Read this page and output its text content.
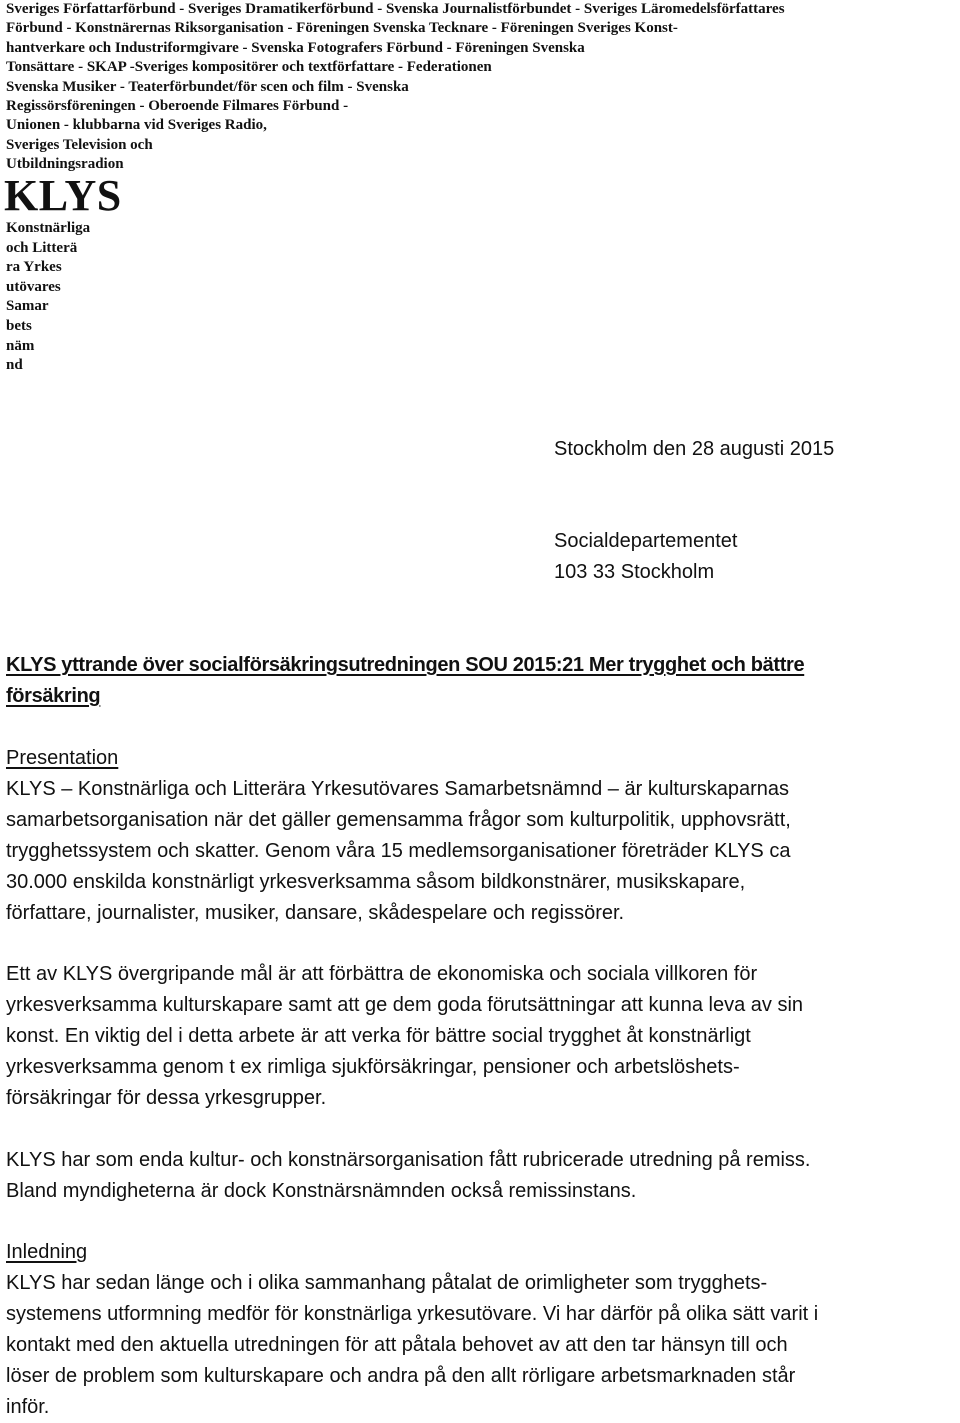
Sveriges Författarförbund - Sveriges Dramatikerförbund - Svenska Journalistförbundet - Sveriges Läromedelsförfattares
Förbund - Konstnärernas Riksorganisation - Föreningen Svenska Tecknare - Föreningen Sveriges Konst-
hantverkare och Industriformgivare - Svenska Fotografers Förbund - Föreningen Svenska
Tonsättare - SKAP -Sveriges kompositörer och textförfattare - Federationen
Svenska Musiker - Teaterförbundet/för scen och film - Svenska
Regissörsföreningen - Oberoende Filmares Förbund -
Unionen - klubbarna vid Sveriges Radio,
Sveriges Television och
Utbildningsradion
KLYS
Konstnärliga
och Litterä
ra Yrkes
utövares
Samar
bets
näm
nd
Stockholm den 28 augusti 2015
Socialdepartementet
103 33 Stockholm
KLYS yttrande över socialförsäkringsutredningen SOU 2015:21 Mer trygghet och bättre
försäkring
Presentation
KLYS – Konstnärliga och Litterära Yrkesutövares Samarbetsnämnd – är kulturskaparnas
samarbetsorganisation när det gäller gemensamma frågor som kulturpolitik, upphovsrätt,
trygghetssystem och skatter. Genom våra 15 medlemsorganisationer företräder KLYS ca
30.000 enskilda konstnärligt yrkesverksamma såsom bildkonstnärer, musikskapare,
författare, journalister, musiker, dansare, skådespelare och regissörer.
Ett av KLYS övergripande mål är att förbättra de ekonomiska och sociala villkoren för
yrkesverksamma kulturskapare samt att ge dem goda förutsättningar att kunna leva av sin
konst. En viktig del i detta arbete är att verka för bättre social trygghet åt konstnärligt
yrkesverksamma genom t ex rimliga sjukförsäkringar, pensioner och arbetslöshets-
försäkringar för dessa yrkesgrupper.
KLYS har som enda kultur- och konstnärsorganisation fått rubricerade utredning på remiss.
Bland myndigheterna är dock Konstnärsnämnden också remissinstans.
Inledning
KLYS har sedan länge och i olika sammanhang påtalat de orimligheter som trygghets-
systemens utformning medför för konstnärliga yrkesutövare. Vi har därför på olika sätt varit i
kontakt med den aktuella utredningen för att påtala behovet av att den tar hänsyn till och
löser de problem som kulturskapare och andra på den allt rörligare arbetsmarknaden står
inför.
